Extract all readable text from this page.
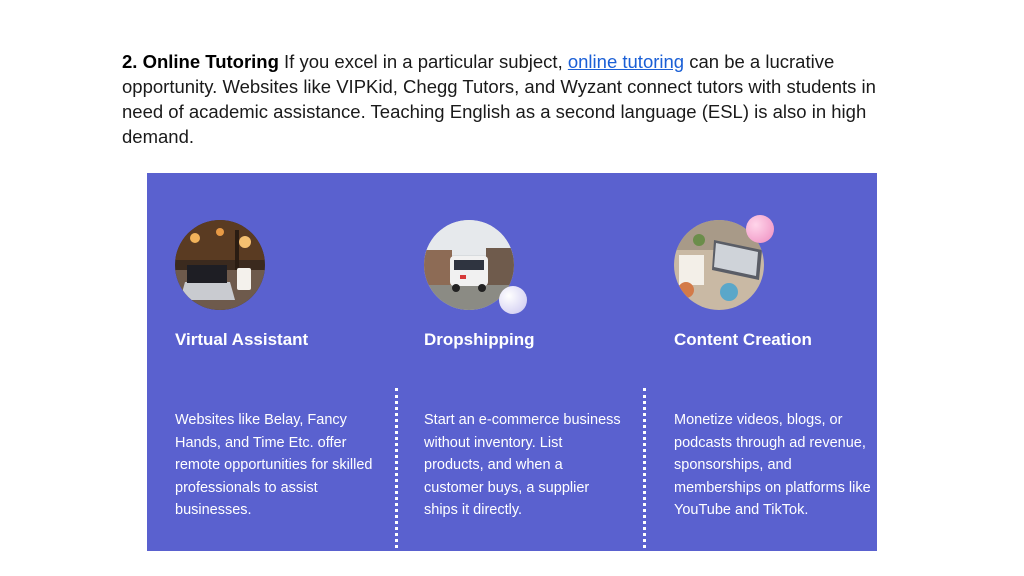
2. Online Tutoring If you excel in a particular subject, online tutoring can be a lucrative opportunity. Websites like VIPKid, Chegg Tutors, and Wyzant connect tutors with students in need of academic assistance. Teaching English as a second language (ESL) is also in high demand.
Virtual Assistant
Websites like Belay, Fancy Hands, and Time Etc. offer remote opportunities for skilled professionals to assist businesses.
Dropshipping
Start an e-commerce business without inventory. List products, and when a customer buys, a supplier ships it directly.
Content Creation
Monetize videos, blogs, or podcasts through ad revenue, sponsorships, and memberships on platforms like YouTube and TikTok.
